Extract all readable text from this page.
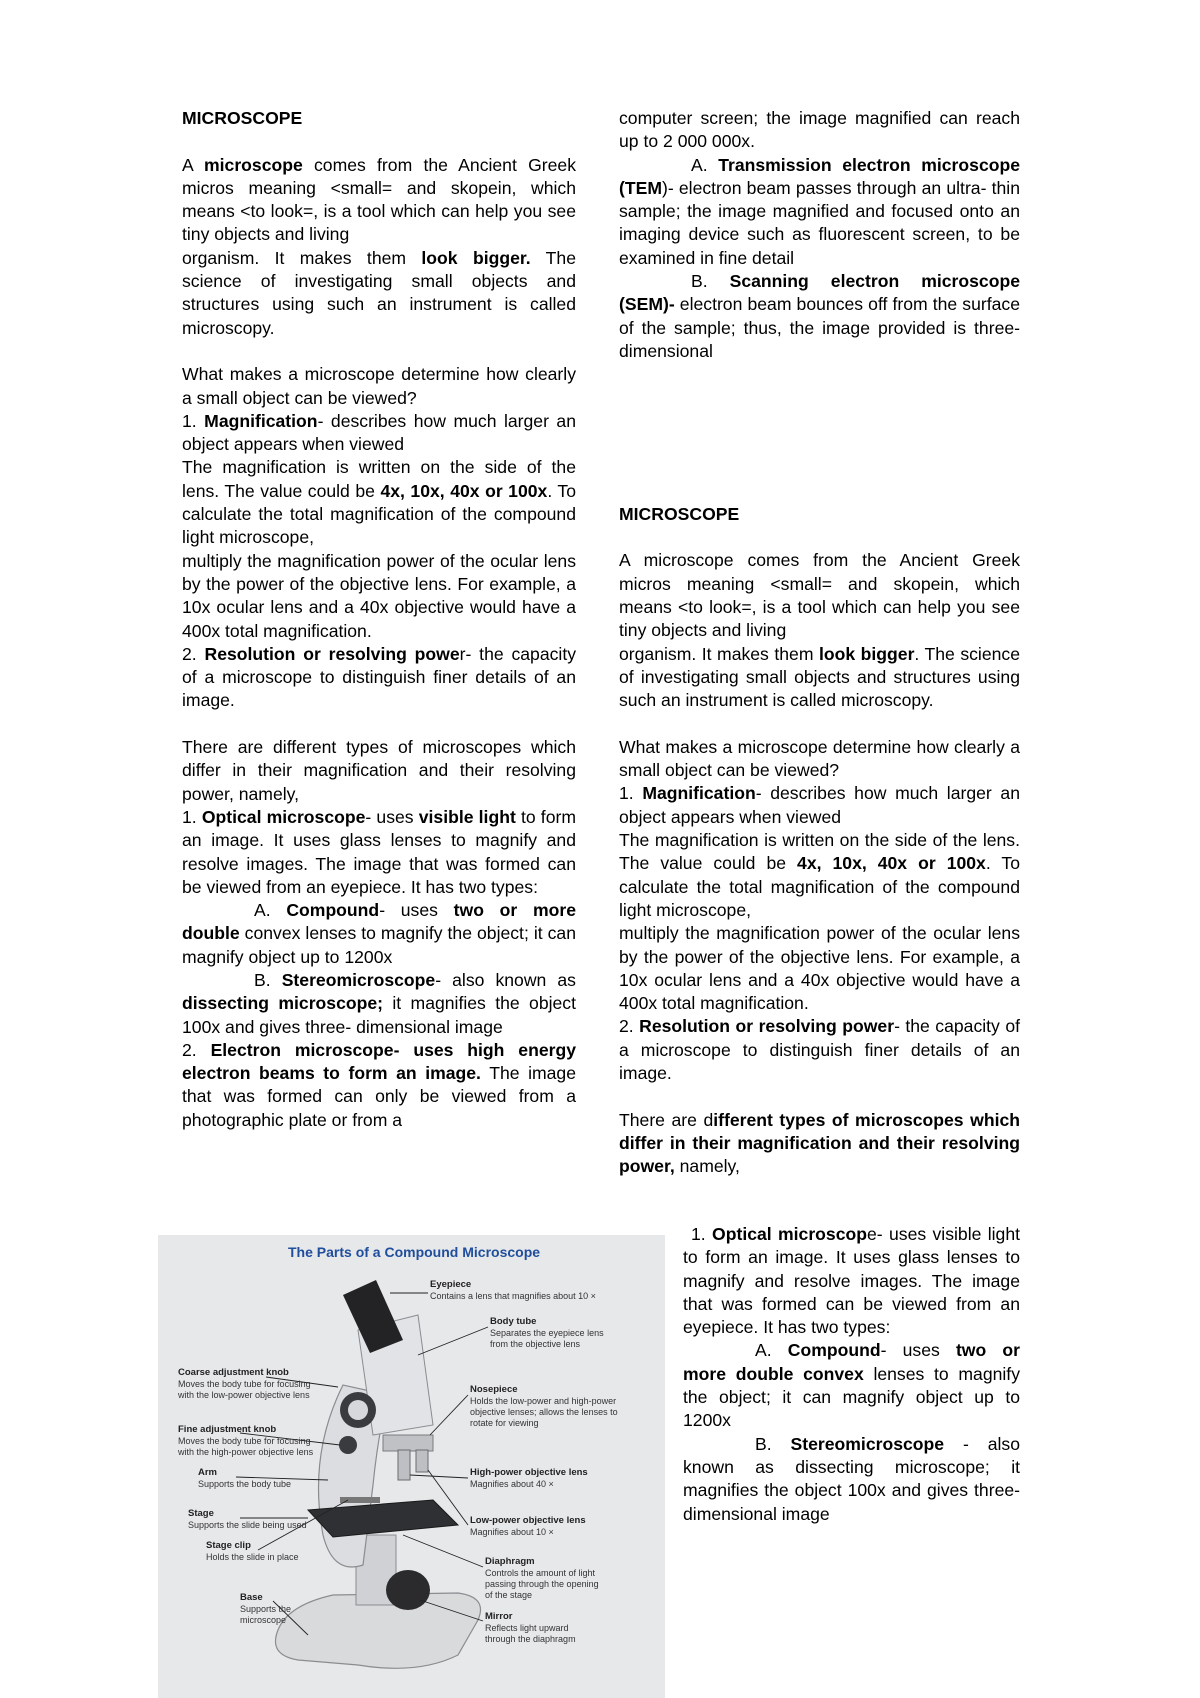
MICROSCOPE

A microscope comes from the Ancient Greek micros meaning <small= and skopein, which means <to look=, is a tool which can help you see tiny objects and living

organism. It makes them look bigger. The science of investigating small objects and structures using such an instrument is called microscopy.

What makes a microscope determine how clearly a small object can be viewed?

1. Magnification- describes how much larger an object appears when viewed

The magnification is written on the side of the lens. The value could be 4x, 10x, 40x or 100x. To calculate the total magnification of the compound light microscope,

multiply the magnification power of the ocular lens by the power of the objective lens. For example, a 10x ocular lens and a 40x objective would have a 400x total magnification.

2. Resolution or resolving power- the capacity of a microscope to distinguish finer details of an image.

There are different types of microscopes which differ in their magnification and their resolving power, namely,

1. Optical microscope- uses visible light to form an image. It uses glass lenses to magnify and resolve images. The image that was formed can be viewed from an eyepiece. It has two types:

A. Compound- uses two or more double convex lenses to magnify the object; it can magnify object up to 1200x

B. Stereomicroscope- also known as dissecting microscope; it magnifies the object 100x and gives three- dimensional image

2. Electron microscope- uses high energy electron beams to form an image. The image that was formed can only be viewed from a photographic plate or from a

computer screen; the image magnified can reach up to 2 000 000x.

A. Transmission electron microscope (TEM)- electron beam passes through an ultra- thin sample; the image magnified and focused onto an imaging device such as fluorescent screen, to be examined in fine detail

B. Scanning electron microscope (SEM)- electron beam bounces off from the surface of the sample; thus, the image provided is three- dimensional

MICROSCOPE

A microscope comes from the Ancient Greek micros meaning <small= and skopein, which means <to look=, is a tool which can help you see tiny objects and living

organism. It makes them look bigger. The science of investigating small objects and structures using such an instrument is called microscopy.

What makes a microscope determine how clearly a small object can be viewed?

1. Magnification- describes how much larger an object appears when viewed

The magnification is written on the side of the lens. The value could be 4x, 10x, 40x or 100x. To calculate the total magnification of the compound light microscope,

multiply the magnification power of the ocular lens by the power of the objective lens. For example, a 10x ocular lens and a 40x objective would have a 400x total magnification.

2. Resolution or resolving power- the capacity of a microscope to distinguish finer details of an image.

There are different types of microscopes which differ in their magnification and their resolving power, namely,

1. Optical microscope- uses visible light to form an image. It uses glass lenses to magnify and resolve images. The image that was formed can be viewed from an eyepiece. It has two types:

A. Compound- uses two or more double convex lenses to magnify the object; it can magnify object up to 1200x

B. Stereomicroscope - also known as dissecting microscope; it magnifies the object 100x and gives three- dimensional image

The Parts of a Compound Microscope
Eyepiece
Contains a lens that magnifies about 10 ×
Body tube
Separates the eyepiece lens
from the objective lens
Coarse adjustment knob
Moves the body tube for focusing
with the low-power objective lens	Nosepiece
Holds the low-power and high-power
objective lenses; allows the lenses to
rotate for viewing
Fine adjustment knob
Moves the body tube for focusing
with the high-power objective lens
Arm
Supports the body tube
High-power objective lens
Magnifies about 40 ×
Stage
Supports the slide being used	Low-power objective lens
Magnifies about 10 ×
Stage clip
Holds the slide in place	Diaphragm
Controls the amount of light
passing through the opening
of the stage
Base
Supports the
microscope	Mirror
Reflects light upward
through the diaphragm
